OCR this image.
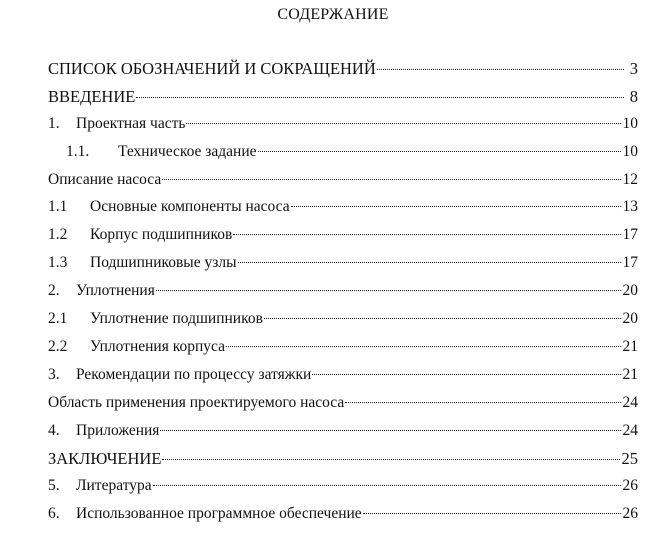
СОДЕРЖАНИЕ
СПИСОК ОБОЗНАЧЕНИЙ И СОКРАЩЕНИЙ	3
ВВЕДЕНИЕ	8
1.	Проектная часть	10
1.1.	Техническое задание	10
Описание насоса	12
1.1	Основные компоненты насоса	13
1.2	Корпус подшипников	17
1.3	Подшипниковые узлы	17
2.	Уплотнения	20
2.1	Уплотнение подшипников	20
2.2	Уплотнения корпуса	21
3.	Рекомендации по процессу затяжки	21
Область применения проектируемого насоса	24
4.	Приложения	24
ЗАКЛЮЧЕНИЕ	25
5.	Литература	26
6.	Использованное программное обеспечение	26
